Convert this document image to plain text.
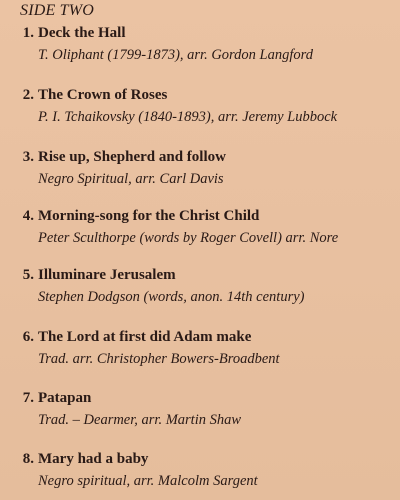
SIDE TWO
1. Deck the Hall
T. Oliphant (1799-1873), arr. Gordon Langford
2. The Crown of Roses
P. I. Tchaikovsky (1840-1893), arr. Jeremy Lubbock
3. Rise up, Shepherd and follow
Negro Spiritual, arr. Carl Davis
4. Morning-song for the Christ Child
Peter Sculthorpe (words by Roger Covell) arr. Nore
5. Illuminare Jerusalem
Stephen Dodgson (words, anon. 14th century)
6. The Lord at first did Adam make
Trad. arr. Christopher Bowers-Broadbent
7. Patapan
Trad. – Dearmer, arr. Martin Shaw
8. Mary had a baby
Negro spiritual, arr. Malcolm Sargent
